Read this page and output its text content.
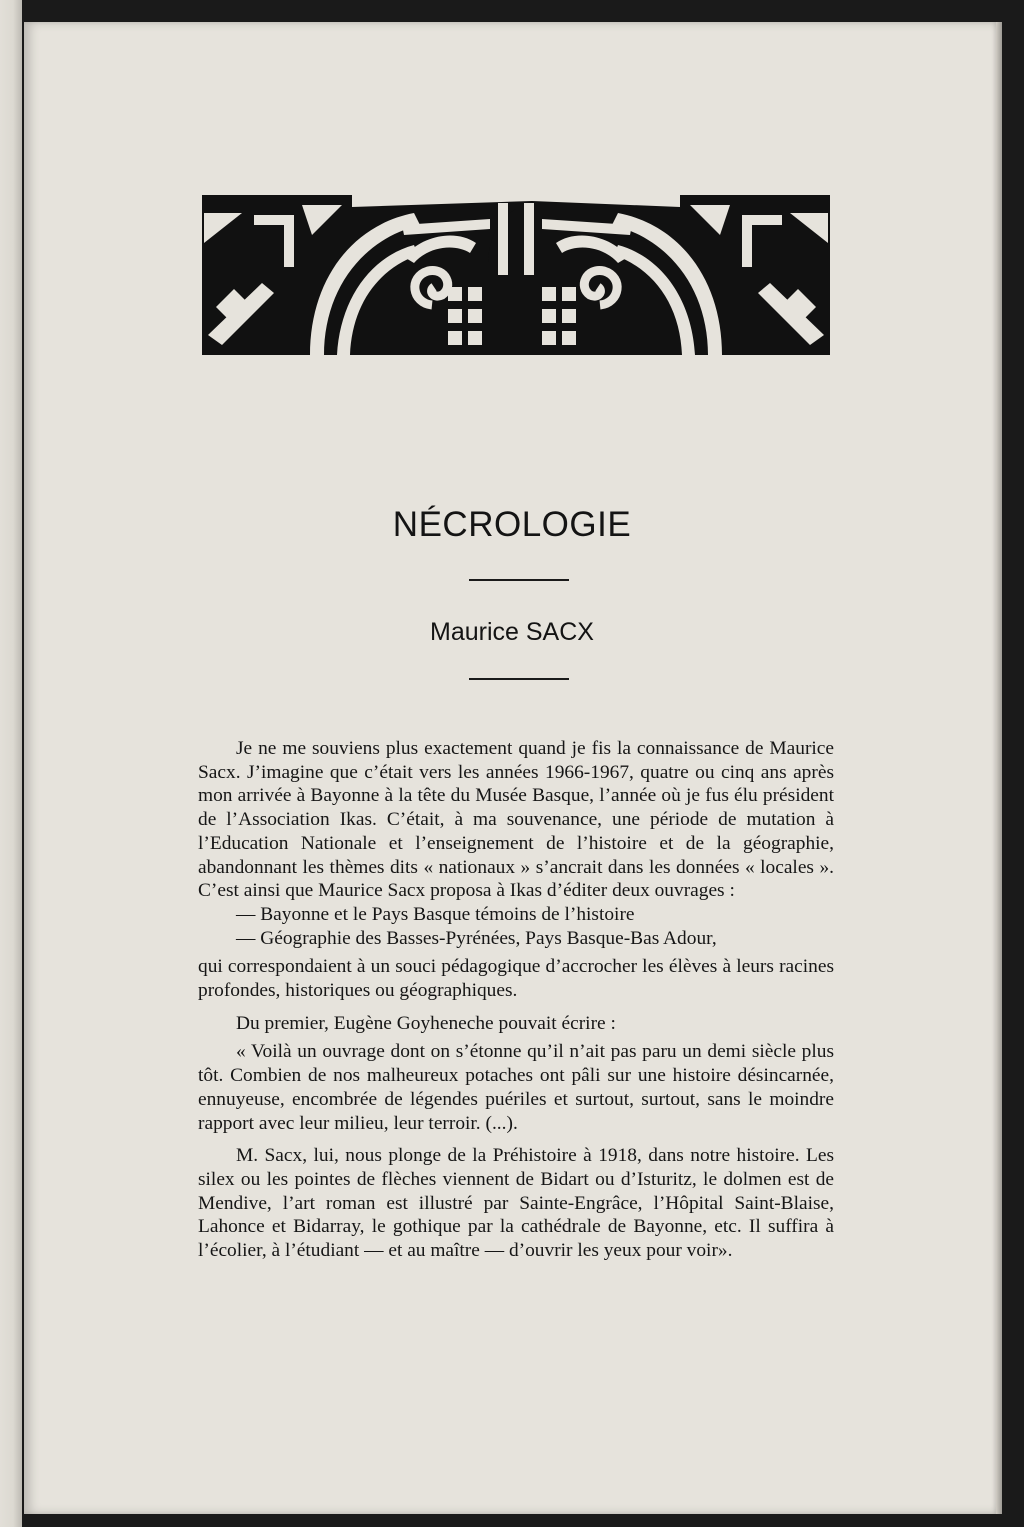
NÉCROLOGIE
Maurice SACX

Je ne me souviens plus exactement quand je fis la connaissance de Maurice Sacx. J’imagine que c’était vers les années 1966-1967, quatre ou cinq ans après mon arrivée à Bayonne à la tête du Musée Basque, l’année où je fus élu président de l’Association Ikas. C’était, à ma souvenance, une période de mutation à l’Education Nationale et l’enseignement de l’histoire et de la géographie, abandonnant les thèmes dits « nationaux » s’ancrait dans les données « locales ». C’est ainsi que Maurice Sacx proposa à Ikas d’éditer deux ouvrages :

— Bayonne et le Pays Basque témoins de l’histoire

— Géographie des Basses-Pyrénées, Pays Basque-Bas Adour,

qui correspondaient à un souci pédagogique d’accrocher les élèves à leurs racines profondes, historiques ou géographiques.

Du premier, Eugène Goyheneche pouvait écrire :

« Voilà un ouvrage dont on s’étonne qu’il n’ait pas paru un demi siècle plus tôt. Combien de nos malheureux potaches ont pâli sur une histoire désincarnée, ennuyeuse, encombrée de légendes puériles et surtout, surtout, sans le moindre rapport avec leur milieu, leur terroir. (...).

M. Sacx, lui, nous plonge de la Préhistoire à 1918, dans notre histoire. Les silex ou les pointes de flèches viennent de Bidart ou d’Isturitz, le dolmen est de Mendive, l’art roman est illustré par Sainte-Engrâce, l’Hôpital Saint-Blaise, Lahonce et Bidarray, le gothique par la cathédrale de Bayonne, etc. Il suffira à l’écolier, à l’étudiant — et au maître — d’ouvrir les yeux pour voir».
